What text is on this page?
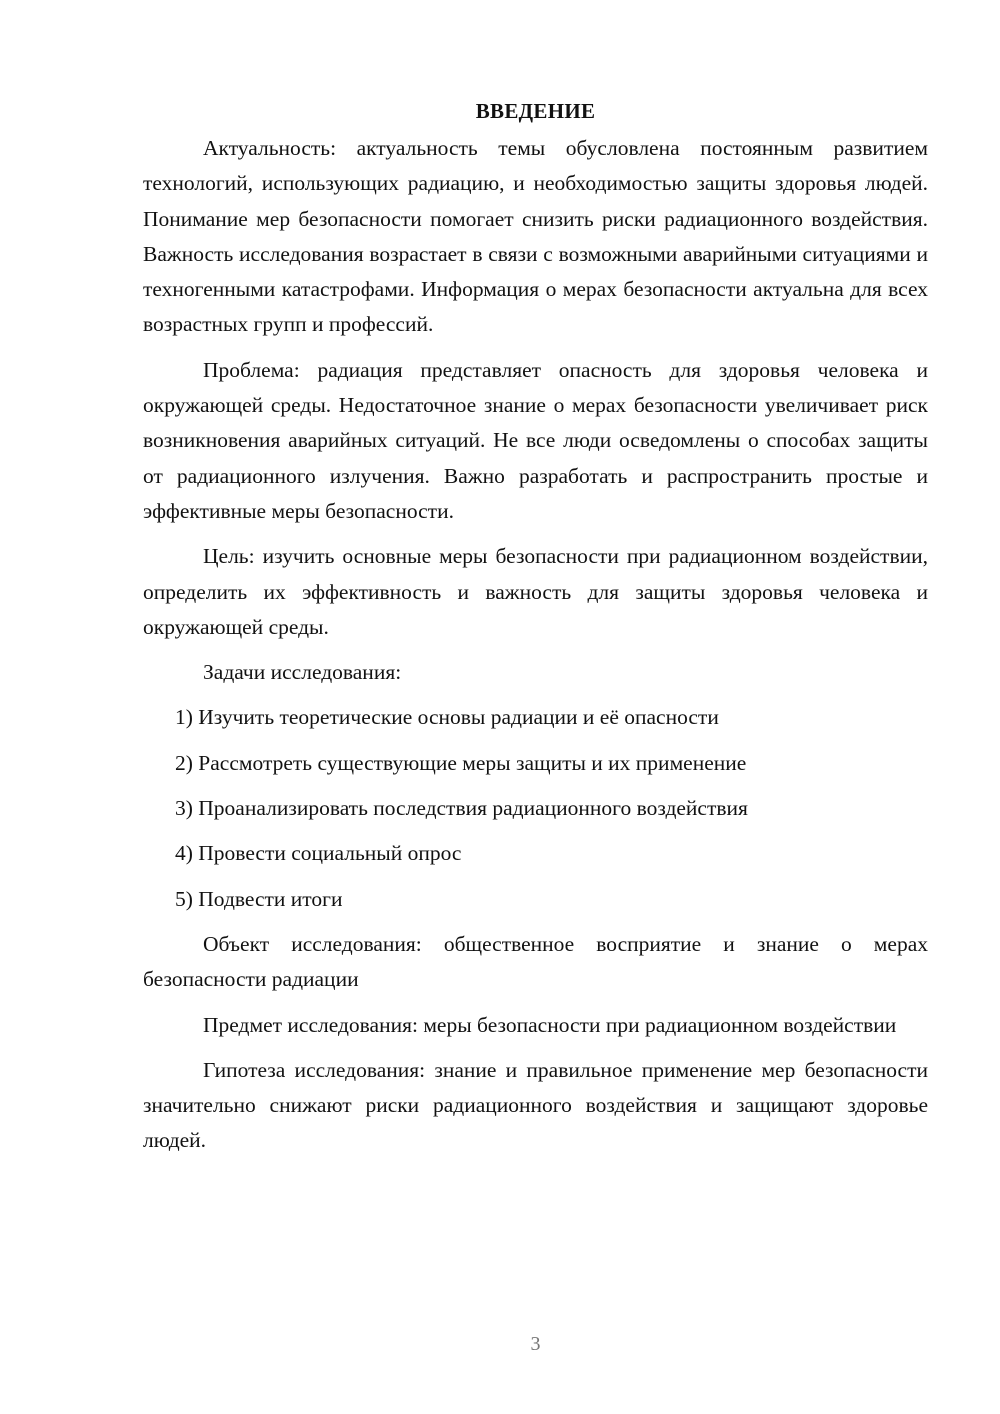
ВВЕДЕНИЕ

Актуальность: актуальность темы обусловлена постоянным развитием технологий, использующих радиацию, и необходимостью защиты здоровья людей. Понимание мер безопасности помогает снизить риски радиационного воздействия. Важность исследования возрастает в связи с возможными аварийными ситуациями и техногенными катастрофами. Информация о мерах безопасности актуальна для всех возрастных групп и профессий.

Проблема: радиация представляет опасность для здоровья человека и окружающей среды. Недостаточное знание о мерах безопасности увеличивает риск возникновения аварийных ситуаций. Не все люди осведомлены о способах защиты от радиационного излучения. Важно разработать и распространить простые и эффективные меры безопасности.

Цель: изучить основные меры безопасности при радиационном воздействии, определить их эффективность и важность для защиты здоровья человека и окружающей среды.

Задачи исследования:

1) Изучить теоретические основы радиации и её опасности
2) Рассмотреть существующие меры защиты и их применение
3) Проанализировать последствия радиационного воздействия
4) Провести социальный опрос
5) Подвести итоги

Объект исследования: общественное восприятие и знание о мерах безопасности радиации

Предмет исследования: меры безопасности при радиационном воздействии

Гипотеза исследования: знание и правильное применение мер безопасности значительно снижают риски радиационного воздействия и защищают здоровье людей.

3
